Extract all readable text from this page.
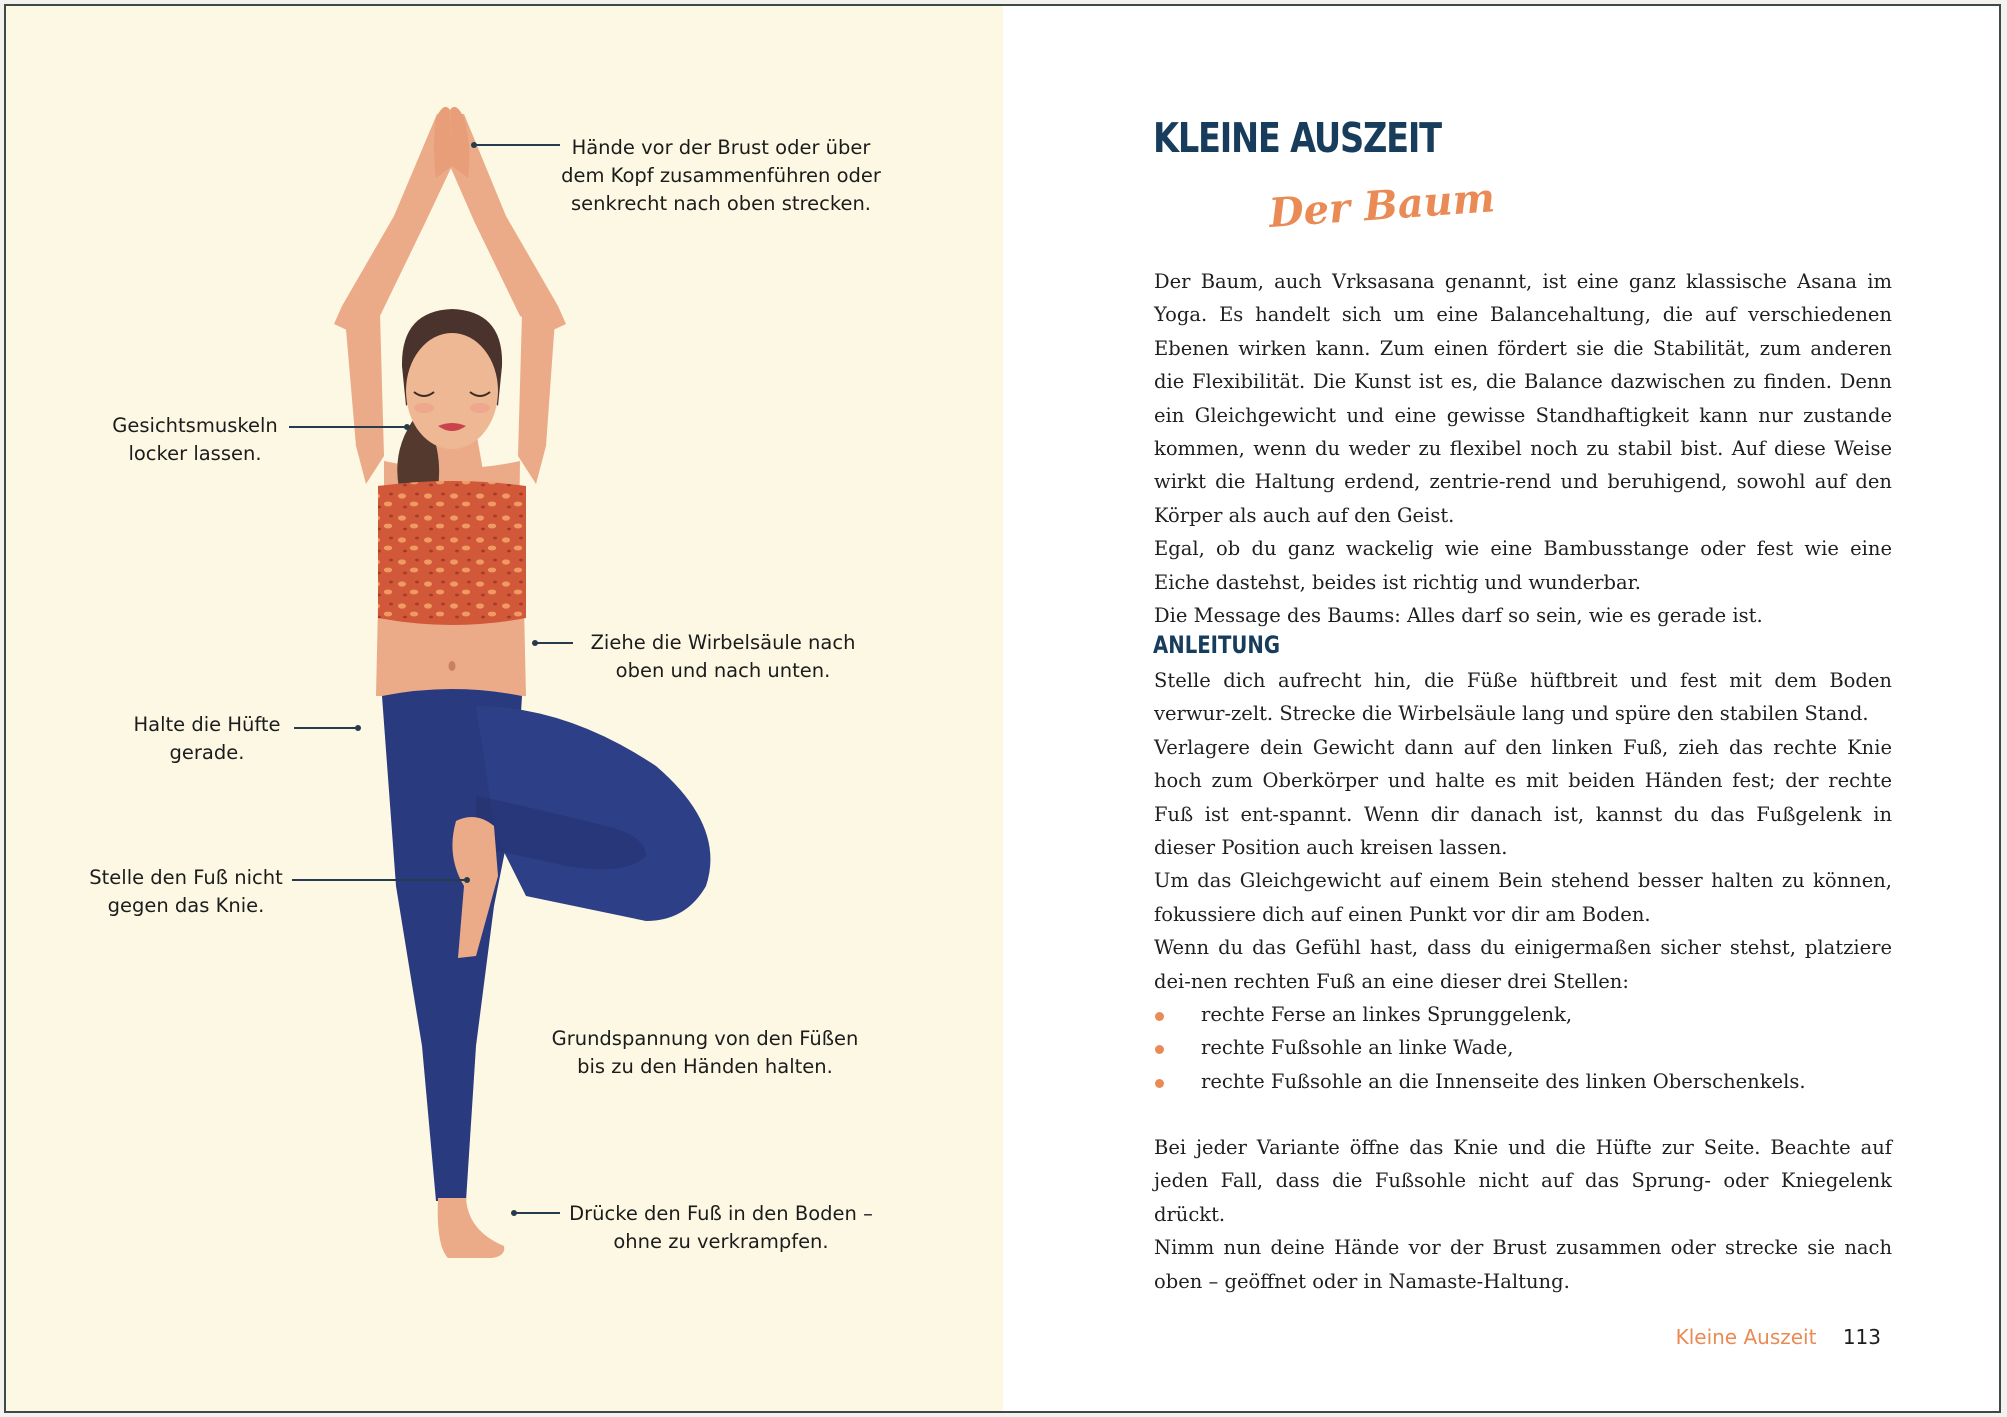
Hände vor der Brust oder über
dem Kopf zusammenführen oder
senkrecht nach oben strecken.
Gesichtsmuskeln
locker lassen.
Ziehe die Wirbelsäule nach
oben und nach unten.
Halte die Hüfte
gerade.
Stelle den Fuß nicht
gegen das Knie.
Grundspannung von den Füßen
bis zu den Händen halten.
Drücke den Fuß in den Boden –
ohne zu verkrampfen.
KLEINE AUSZEIT
Der Baum

Der Baum, auch Vrksasana genannt, ist eine ganz klassische Asana im Yoga. Es handelt sich um eine Balancehaltung, die auf verschiedenen Ebenen wirken kann. Zum einen fördert sie die Stabilität, zum anderen die Flexibilität. Die Kunst ist es, die Balance dazwischen zu finden. Denn ein Gleichgewicht und eine gewisse Standhaftigkeit kann nur zustande kommen, wenn du weder zu flexibel noch zu stabil bist. Auf diese Weise wirkt die Haltung erdend, zentrie-rend und beruhigend, sowohl auf den Körper als auch auf den Geist.

Egal, ob du ganz wackelig wie eine Bambusstange oder fest wie eine Eiche dastehst, beides ist richtig und wunderbar.

Die Message des Baums: Alles darf so sein, wie es gerade ist.

ANLEITUNG

Stelle dich aufrecht hin, die Füße hüftbreit und fest mit dem Boden verwur-zelt. Strecke die Wirbelsäule lang und spüre den stabilen Stand.

Verlagere dein Gewicht dann auf den linken Fuß, zieh das rechte Knie hoch zum Oberkörper und halte es mit beiden Händen fest; der rechte Fuß ist ent-spannt. Wenn dir danach ist, kannst du das Fußgelenk in dieser Position auch kreisen lassen.

Um das Gleichgewicht auf einem Bein stehend besser halten zu können, fokussiere dich auf einen Punkt vor dir am Boden.

Wenn du das Gefühl hast, dass du einigermaßen sicher stehst, platziere dei-nen rechten Fuß an eine dieser drei Stellen:

rechte Ferse an linkes Sprunggelenk,
rechte Fußsohle an linke Wade,
rechte Fußsohle an die Innenseite des linken Oberschenkels.

Bei jeder Variante öffne das Knie und die Hüfte zur Seite. Beachte auf jeden Fall, dass die Fußsohle nicht auf das Sprung- oder Kniegelenk drückt.

Nimm nun deine Hände vor der Brust zusammen oder strecke sie nach oben – geöffnet oder in Namaste-Haltung.

Kleine Auszeit 113
